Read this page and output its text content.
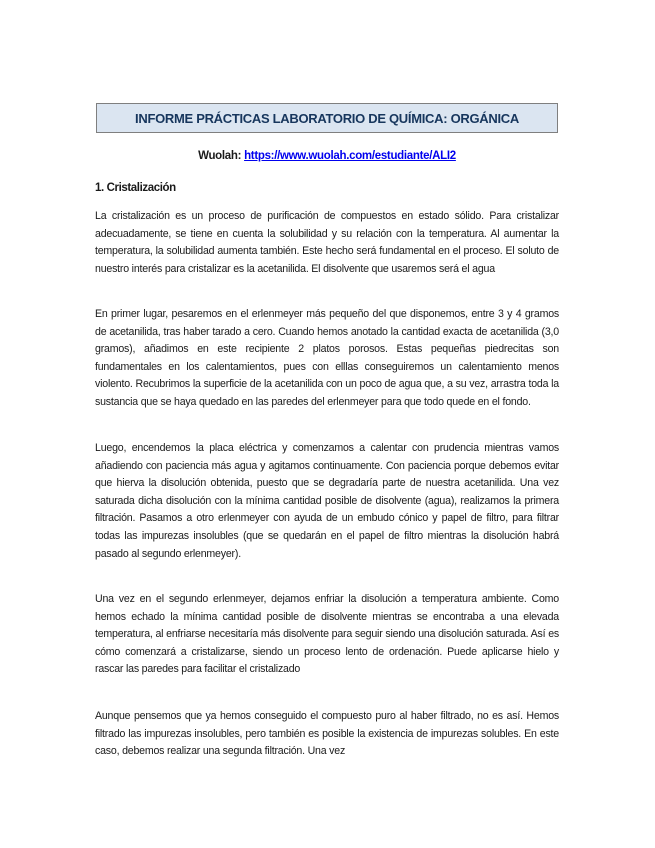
INFORME PRÁCTICAS LABORATORIO DE QUÍMICA: ORGÁNICA
Wuolah: https://www.wuolah.com/estudiante/ALI2
1. Cristalización

La cristalización es un proceso de purificación de compuestos en estado sólido. Para cristalizar adecuadamente, se tiene en cuenta la solubilidad y su relación con la temperatura. Al aumentar la temperatura, la solubilidad aumenta también. Este hecho será fundamental en el proceso. El soluto de nuestro interés para cristalizar es la acetanilida. El disolvente que usaremos será el agua

En primer lugar, pesaremos en el erlenmeyer más pequeño del que disponemos, entre 3 y 4 gramos de acetanilida, tras haber tarado a cero. Cuando hemos anotado la cantidad exacta de acetanilida (3,0 gramos), añadimos en este recipiente 2 platos porosos. Estas pequeñas piedrecitas son fundamentales en los calentamientos, pues con elllas conseguiremos un calentamiento menos violento. Recubrimos la superficie de la acetanilida con un poco de agua que, a su vez, arrastra toda la sustancia que se haya quedado en las paredes del erlenmeyer para que todo quede en el fondo.

Luego, encendemos la placa eléctrica y comenzamos a calentar con prudencia mientras vamos añadiendo con paciencia más agua y agitamos continuamente. Con paciencia porque debemos evitar que hierva la disolución obtenida, puesto que se degradaría parte de nuestra acetanilida. Una vez saturada dicha disolución con la mínima cantidad posible de disolvente (agua), realizamos la primera filtración. Pasamos a otro erlenmeyer con ayuda de un embudo cónico y papel de filtro, para filtrar todas las impurezas insolubles (que se quedarán en el papel de filtro mientras la disolución habrá pasado al segundo erlenmeyer).

Una vez en el segundo erlenmeyer, dejamos enfriar la disolución a temperatura ambiente. Como hemos echado la mínima cantidad posible de disolvente mientras se encontraba a una elevada temperatura, al enfriarse necesitaría más disolvente para seguir siendo una disolución saturada. Así es cómo comenzará a cristalizarse, siendo un proceso lento de ordenación. Puede aplicarse hielo y rascar las paredes para facilitar el cristalizado

Aunque pensemos que ya hemos conseguido el compuesto puro al haber filtrado, no es así. Hemos filtrado las impurezas insolubles, pero también es posible la existencia de impurezas solubles. En este caso, debemos realizar una segunda filtración. Una vez
